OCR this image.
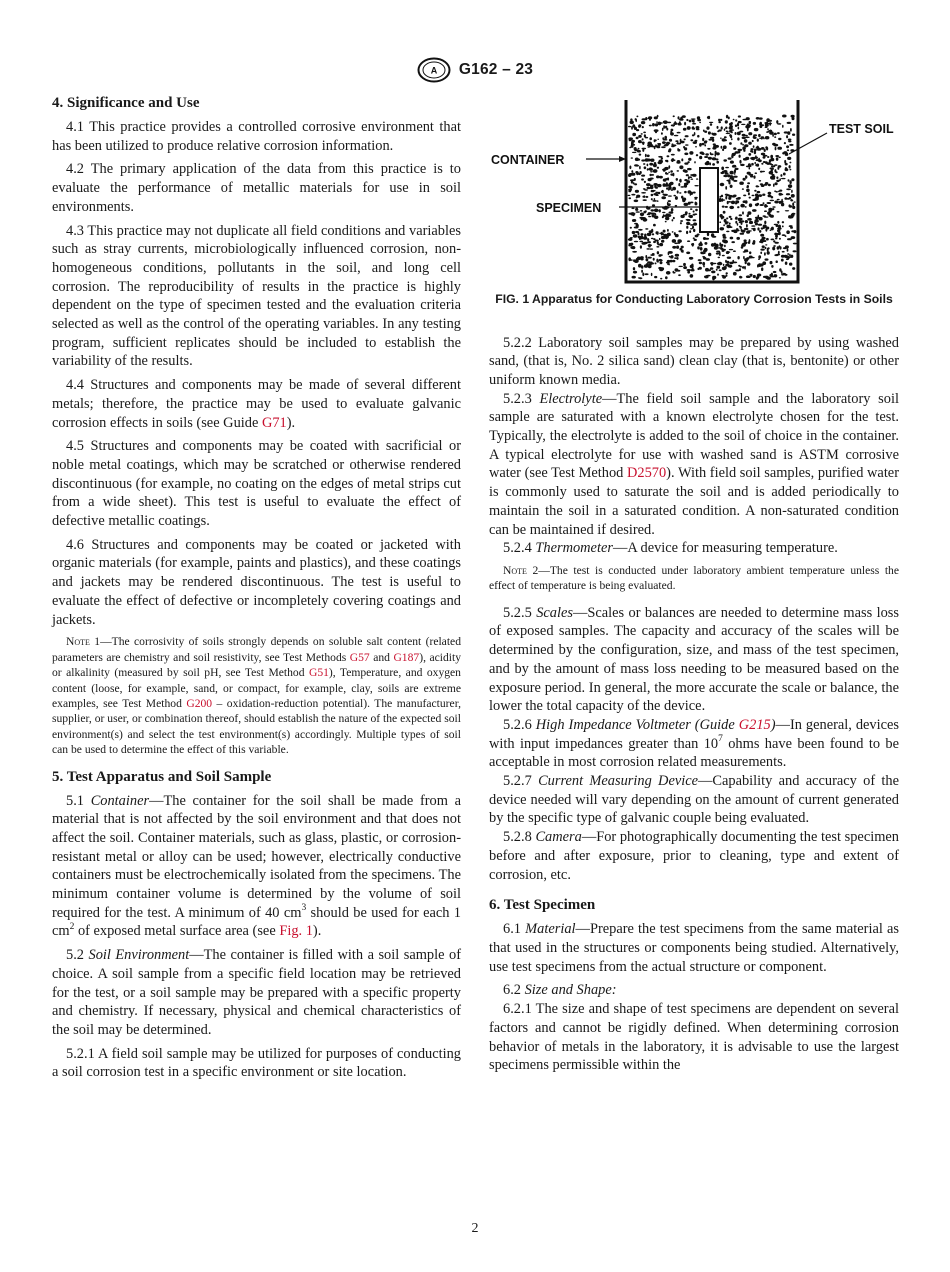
A G162 – 23
4. Significance and Use

4.1 This practice provides a controlled corrosive environment that has been utilized to produce relative corrosion information.

4.2 The primary application of the data from this practice is to evaluate the performance of metallic materials for use in soil environments.

4.3 This practice may not duplicate all field conditions and variables such as stray currents, microbiologically influenced corrosion, non-homogeneous conditions, pollutants in the soil, and long cell corrosion. The reproducibility of results in the practice is highly dependent on the type of specimen tested and the evaluation criteria selected as well as the control of the operating variables. In any testing program, sufficient replicates should be included to establish the variability of the results.

4.4 Structures and components may be made of several different metals; therefore, the practice may be used to evaluate galvanic corrosion effects in soils (see Guide G71).

4.5 Structures and components may be coated with sacrificial or noble metal coatings, which may be scratched or otherwise rendered discontinuous (for example, no coating on the edges of metal strips cut from a wide sheet). This test is useful to evaluate the effect of defective metallic coatings.

4.6 Structures and components may be coated or jacketed with organic materials (for example, paints and plastics), and these coatings and jackets may be rendered discontinuous. The test is useful to evaluate the effect of defective or incompletely covering coatings and jackets.

Note 1—The corrosivity of soils strongly depends on soluble salt content (related parameters are chemistry and soil resistivity, see Test Methods G57 and G187), acidity or alkalinity (measured by soil pH, see Test Method G51), Temperature, and oxygen content (loose, for example, sand, or compact, for example, clay, soils are extreme examples, see Test Method G200 – oxidation-reduction potential). The manufacturer, supplier, or user, or combination thereof, should establish the nature of the expected soil environment(s) and select the test environment(s) accordingly. Multiple types of soil can be used to determine the effect of this variable.
5. Test Apparatus and Soil Sample

5.1 Container—The container for the soil shall be made from a material that is not affected by the soil environment and that does not affect the soil. Container materials, such as glass, plastic, or corrosion-resistant metal or alloy can be used; however, electrically conductive containers must be electrochemically isolated from the specimens. The minimum container volume is determined by the volume of soil required for the test. A minimum of 40 $cm^3$ should be used for each 1 $cm^2$ of exposed metal surface area (see Fig. 1).

5.2 Soil Environment—The container is filled with a soil sample of choice. A soil sample from a specific field location may be retrieved for the test, or a soil sample may be prepared with a specific property and chemistry. If necessary, physical and chemical characteristics of the soil may be determined.

5.2.1 A field soil sample may be utilized for purposes of conducting a soil corrosion test in a specific environment or site location.

TEST SOIL
CONTAINER
SPECIMEN
FIG. 1 Apparatus for Conducting Laboratory Corrosion Tests in Soils

5.2.2 Laboratory soil samples may be prepared by using washed sand, (that is, No. 2 silica sand) clean clay (that is, bentonite) or other uniform known media.

5.2.3 Electrolyte—The field soil sample and the laboratory soil sample are saturated with a known electrolyte chosen for the test. Typically, the electrolyte is added to the soil of choice in the container. A typical electrolyte for use with washed sand is ASTM corrosive water (see Test Method D2570). With field soil samples, purified water is commonly used to saturate the soil and is added periodically to maintain the soil in a saturated condition. A non-saturated condition can be maintained if desired.

5.2.4 Thermometer—A device for measuring temperature.

Note 2—The test is conducted under laboratory ambient temperature unless the effect of temperature is being evaluated.

5.2.5 Scales—Scales or balances are needed to determine mass loss of exposed samples. The capacity and accuracy of the scales will be determined by the configuration, size, and mass of the test specimen, and by the amount of mass loss needing to be measured based on the exposure period. In general, the more accurate the scale or balance, the lower the total capacity of the device.

5.2.6 High Impedance Voltmeter (Guide G215)—In general, devices with input impedances greater than $10^7$ ohms have been found to be acceptable in most corrosion related measurements.

5.2.7 Current Measuring Device—Capability and accuracy of the device needed will vary depending on the amount of current generated by the specific type of galvanic couple being evaluated.

5.2.8 Camera—For photographically documenting the test specimen before and after exposure, prior to cleaning, type and extent of corrosion, etc.

6. Test Specimen

6.1 Material—Prepare the test specimens from the same material as that used in the structures or components being studied. Alternatively, use test specimens from the actual structure or component.

6.2 Size and Shape:

6.2.1 The size and shape of test specimens are dependent on several factors and cannot be rigidly defined. When determining corrosion behavior of metals in the laboratory, it is advisable to use the largest specimens permissible within the

2
